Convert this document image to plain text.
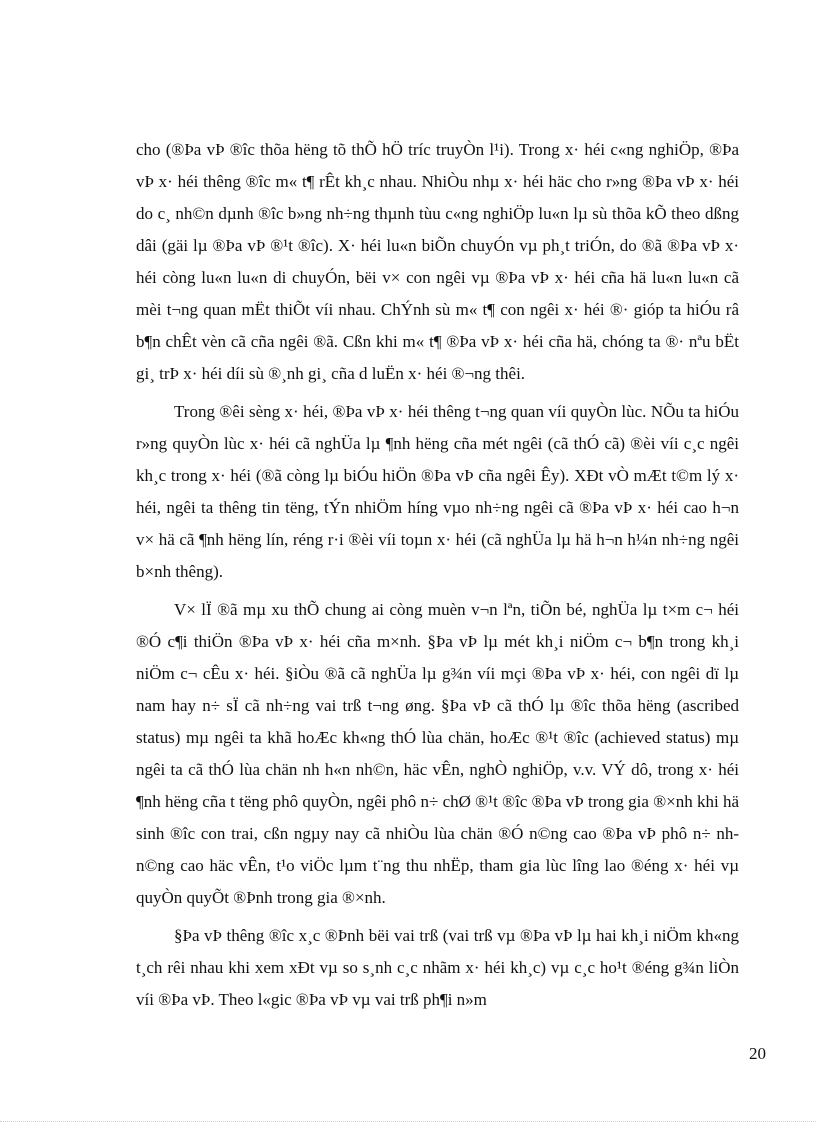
cho (®Þa vÞ ®îc thõa hëng tõ thÕ hÖ tríc truyÒn l¹i). Trong x· héi c«ng nghiÖp, ®Þa vÞ x· héi thêng ®îc m« t¶ rÊt kh¸c nhau. NhiÒu nhµ x· héi häc cho r»ng ®Þa vÞ x· héi do c¸ nh©n dµnh ®îc b»ng nh÷ng thµnh tùu c«ng nghiÖp lu«n lµ sù thõa kÕ theo dßng dâi (gäi lµ ®Þa vÞ ®¹t ®îc). X· héi lu«n biÕn chuyÓn vµ ph¸t triÓn, do ®ã ®Þa vÞ x· héi còng lu«n lu«n di chuyÓn, bëi v× con ngêi vµ ®Þa vÞ x· héi cña hä lu«n lu«n cã mèi t¬ng quan mËt thiÕt víi nhau. ChÝnh sù m« t¶ con ngêi x· héi ®· gióp ta hiÓu râ b¶n chÊt vèn cã cña ngêi ®ã. Cßn khi m« t¶ ®Þa vÞ x· héi cña hä, chóng ta ®· nªu bËt gi¸ trÞ x· héi díi sù ®¸nh gi¸ cña d luËn x· héi ®¬ng thêi.

Trong ®êi sèng x· héi, ®Þa vÞ x· héi thêng t¬ng quan víi quyÒn lùc. NÕu ta hiÓu r»ng quyÒn lùc x· héi cã nghÜa lµ ¶nh hëng cña mét ngêi (cã thÓ cã) ®èi víi c¸c ngêi kh¸c trong x· héi (®ã còng lµ biÓu hiÖn ®Þa vÞ cña ngêi Êy). XÐt vÒ mÆt t©m lý x· héi, ngêi ta thêng tin tëng, tÝn nhiÖm híng vµo nh÷ng ngêi cã ®Þa vÞ x· héi cao h¬n v× hä cã ¶nh hëng lín, réng r·i ®èi víi toµn x· héi (cã nghÜa lµ hä h¬n h¼n nh÷ng ngêi b×nh thêng).

V× lÏ ®ã mµ xu thÕ chung ai còng muèn v¬n lªn, tiÕn bé, nghÜa lµ t×m c¬ héi ®Ó c¶i thiÖn ®Þa vÞ x· héi cña m×nh. §Þa vÞ lµ mét kh¸i niÖm c¬ b¶n trong kh¸i niÖm c¬ cÊu x· héi. §iÒu ®ã cã nghÜa lµ g¾n víi mçi ®Þa vÞ x· héi, con ngêi dï lµ nam hay n÷ sÏ cã nh÷ng vai trß t¬ng øng. §Þa vÞ cã thÓ lµ ®îc thõa hëng (ascribed status) mµ ngêi ta khã hoÆc kh«ng thÓ lùa chän, hoÆc ®¹t ®îc (achieved status) mµ ngêi ta cã thÓ lùa chän nh h«n nh©n, häc vÊn, nghÒ nghiÖp, v.v. VÝ dô, trong x· héi ¶nh hëng cña t tëng phô quyÒn, ngêi phô n÷ chØ ®¹t ®îc ®Þa vÞ trong gia ®×nh khi hä sinh ®îc con trai, cßn ngµy nay cã nhiÒu lùa chän ®Ó n©ng cao ®Þa vÞ phô n÷ nh n©ng cao häc vÊn, t¹o viÖc lµm t¨ng thu nhËp, tham gia lùc lîng lao ®éng x· héi vµ quyÒn quyÕt ®Þnh trong gia ®×nh.

§Þa vÞ thêng ®îc x¸c ®Þnh bëi vai trß (vai trß vµ ®Þa vÞ lµ hai kh¸i niÖm kh«ng t¸ch rêi nhau khi xem xÐt vµ so s¸nh c¸c nhãm x· héi kh¸c) vµ c¸c ho¹t ®éng g¾n liÒn víi ®Þa vÞ. Theo l«gic ®Þa vÞ vµ vai trß ph¶i n»m

20
